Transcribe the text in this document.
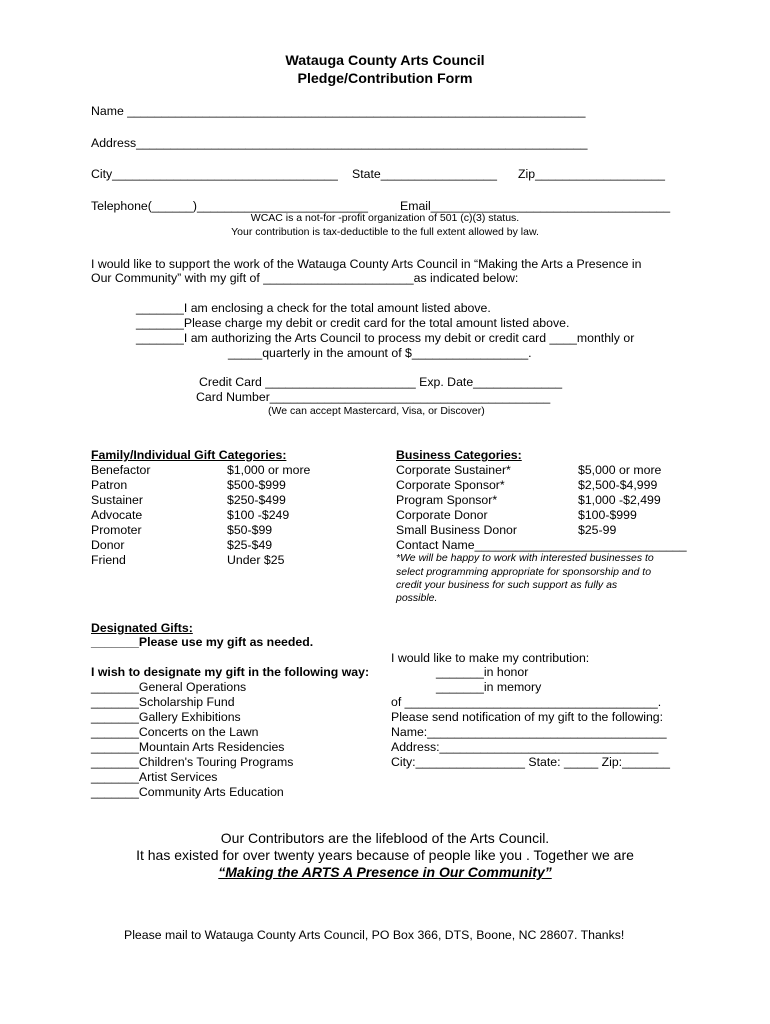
Watauga County Arts Council
Pledge/Contribution Form
Name ___________________________________________________________________
Address__________________________________________________________________
City_________________________________ State_________________ Zip___________________
Telephone(______)_________________________	Email___________________________________
WCAC is a not-for -profit organization of 501 (c)(3) status.
Your contribution is tax-deductible to the full extent allowed by law.
I would like to support the work of the Watauga County Arts Council in “Making the Arts a Presence in
Our Community” with my gift of ______________________as indicated below:
_______I am enclosing a check for the total amount listed above.
_______Please charge my debit or credit card for the total amount listed above.
_______I am authorizing the Arts Council to process my debit or credit card ____monthly or
_____quarterly in the amount of $_________________.
Credit Card ______________________ Exp. Date_____________
Card Number_________________________________________
(We can accept Mastercard, Visa, or Discover)
Family/Individual Gift Categories:
Benefactor	$1,000 or more
Patron	$500-$999
Sustainer	$250-$499
Advocate	$100 -$249
Promoter	$50-$99
Donor	$25-$49
Friend	Under $25
Business Categories:
Corporate Sustainer*	$5,000 or more
Corporate Sponsor*	$2,500-$4,999
Program Sponsor*	$1,000 -$2,499
Corporate Donor	$100-$999
Small Business Donor	$25-99
Contact Name_______________________________
*We will be happy to work with interested businesses to
select programming appropriate for sponsorship and to
credit your business for such support as fully as
possible.
Designated Gifts:
_______Please use my gift as needed.
I wish to designate my gift in the following way:
_______General Operations
_______Scholarship Fund
_______Gallery Exhibitions
_______Concerts on the Lawn
_______Mountain Arts Residencies
_______Children's Touring Programs
_______Artist Services
_______Community Arts Education
I would like to make my contribution:
_______in honor
_______in memory
of _____________________________________.
Please send notification of my gift to the following:
Name:___________________________________
Address:________________________________
City:________________ State: _____ Zip:_______
Our Contributors are the lifeblood of the Arts Council.
It has existed for over twenty years because of people like you . Together we are
“Making the ARTS A Presence in Our Community”
Please mail to Watauga County Arts Council, PO Box 366, DTS, Boone, NC 28607. Thanks!
